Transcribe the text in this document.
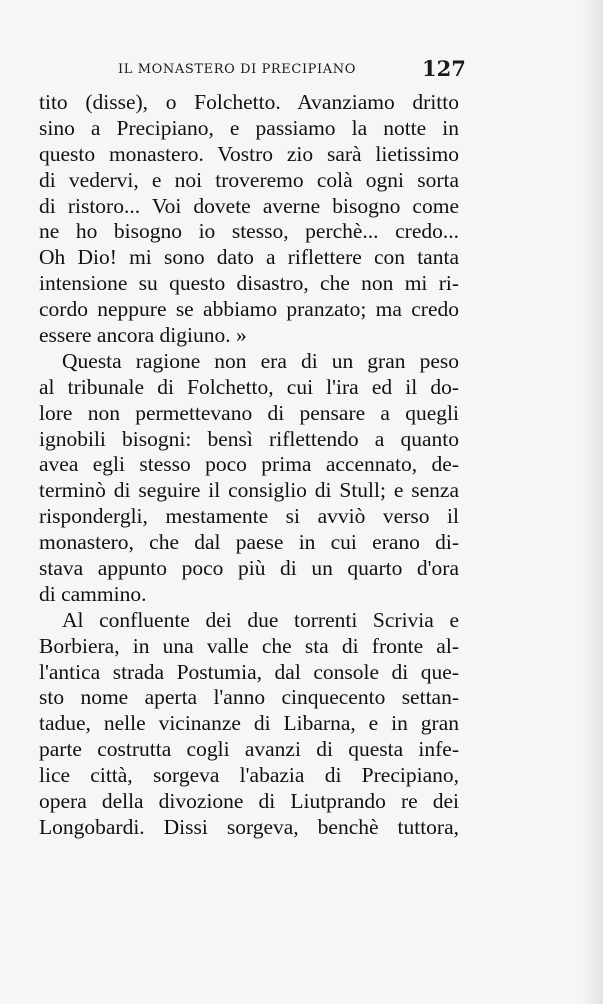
IL MONASTERO DI PRECIPIANO	127
tito (disse), o Folchetto. Avanziamo dritto
sino a Precipiano, e passiamo la notte in
questo monastero. Vostro zio sarà lietissimo
di vedervi, e noi troveremo colà ogni sorta
di ristoro... Voi dovete averne bisogno come
ne ho bisogno io stesso, perchè... credo...
Oh Dio! mi sono dato a riflettere con tanta
intensione su questo disastro, che non mi ri-
cordo neppure se abbiamo pranzato; ma credo
essere ancora digiuno. »
Questa ragione non era di un gran peso
al tribunale di Folchetto, cui l'ira ed il do-
lore non permettevano di pensare a quegli
ignobili bisogni: bensì riflettendo a quanto
avea egli stesso poco prima accennato, de-
terminò di seguire il consiglio di Stull; e senza
rispondergli, mestamente si avviò verso il
monastero, che dal paese in cui erano di-
stava appunto poco più di un quarto d'ora
di cammino.
Al confluente dei due torrenti Scrivia e
Borbiera, in una valle che sta di fronte al-
l'antica strada Postumia, dal console di que-
sto nome aperta l'anno cinquecento settan-
tadue, nelle vicinanze di Libarna, e in gran
parte costrutta cogli avanzi di questa infe-
lice città, sorgeva l'abazia di Precipiano,
opera della divozione di Liutprando re dei
Longobardi. Dissi sorgeva, benchè tuttora,
